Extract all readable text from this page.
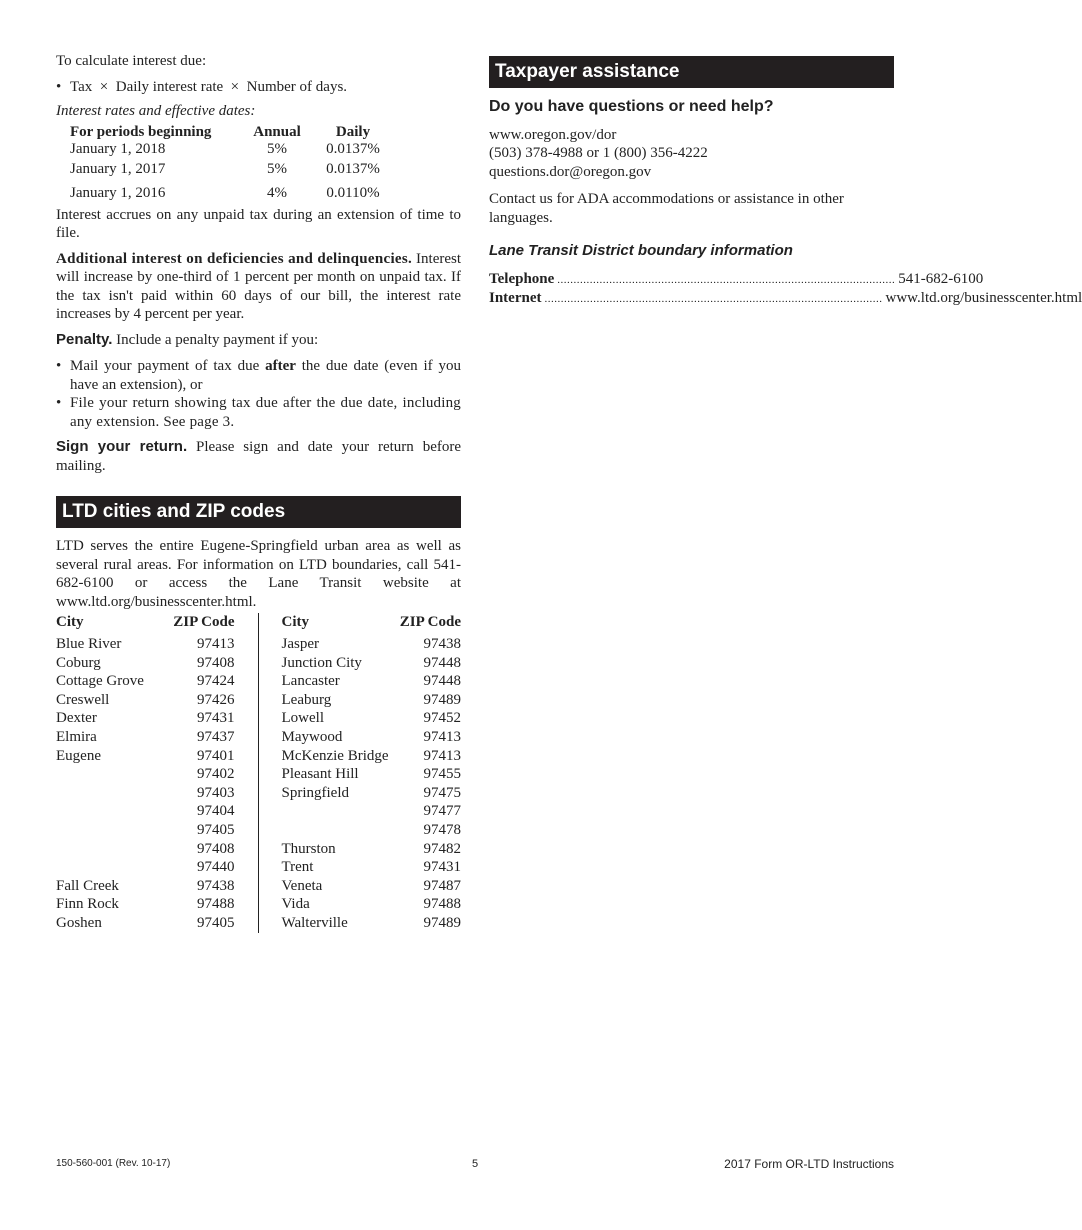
To calculate interest due:

• Tax  ×  Daily interest rate  ×  Number of days.

Interest rates and effective dates:

For periods beginning	Annual	Daily
January 1, 2018	5%	0.0137%
January 1, 2017	5%	0.0137%
January 1, 2016	4%	0.0110%

Interest accrues on any unpaid tax during an extension of time to file.

Additional interest on deficiencies and delinquencies. Interest will increase by one-third of 1 percent per month on unpaid tax. If the tax isn't paid within 60 days of our bill, the interest rate increases by 4 percent per year.

Penalty. Include a penalty payment if you:

• Mail your payment of tax due after the due date (even if you have an extension), or
• File your return showing tax due after the due date, including any extension. See page 3.

Sign your return. Please sign and date your return before mailing.

LTD cities and ZIP codes

LTD serves the entire Eugene-Springfield urban area as well as several rural areas. For information on LTD boundaries, call 541-682-6100 or access the Lane Transit website at www.ltd.org/businesscenter.html.

City	ZIP Code
Blue River	97413
Coburg	97408
Cottage Grove	97424
Creswell	97426
Dexter	97431
Elmira	97437
Eugene	97401
97402
97403
97404
97405
97408
97440
Fall Creek	97438
Finn Rock	97488
Goshen	97405
City	ZIP Code
Jasper	97438
Junction City	97448
Lancaster	97448
Leaburg	97489
Lowell	97452
Maywood	97413
McKenzie Bridge 97413
Pleasant Hill	97455
Springfield	97475
97477
97478
Thurston	97482
Trent	97431
Veneta	97487
Vida	97488
Walterville	97489
Taxpayer assistance

Do you have questions or need help?

www.oregon.gov/dor

(503) 378-4988 or 1 (800) 356-4222

questions.dor@oregon.gov

Contact us for ADA accommodations or assistance in other languages.

Lane Transit District boundary information

Telephone ........................................................................................................ 541-682-6100
Internet ........................................................................................................ www.ltd.org/businesscenter.html
150-560-001 (Rev. 10-17)	5	2017 Form OR-LTD Instructions
